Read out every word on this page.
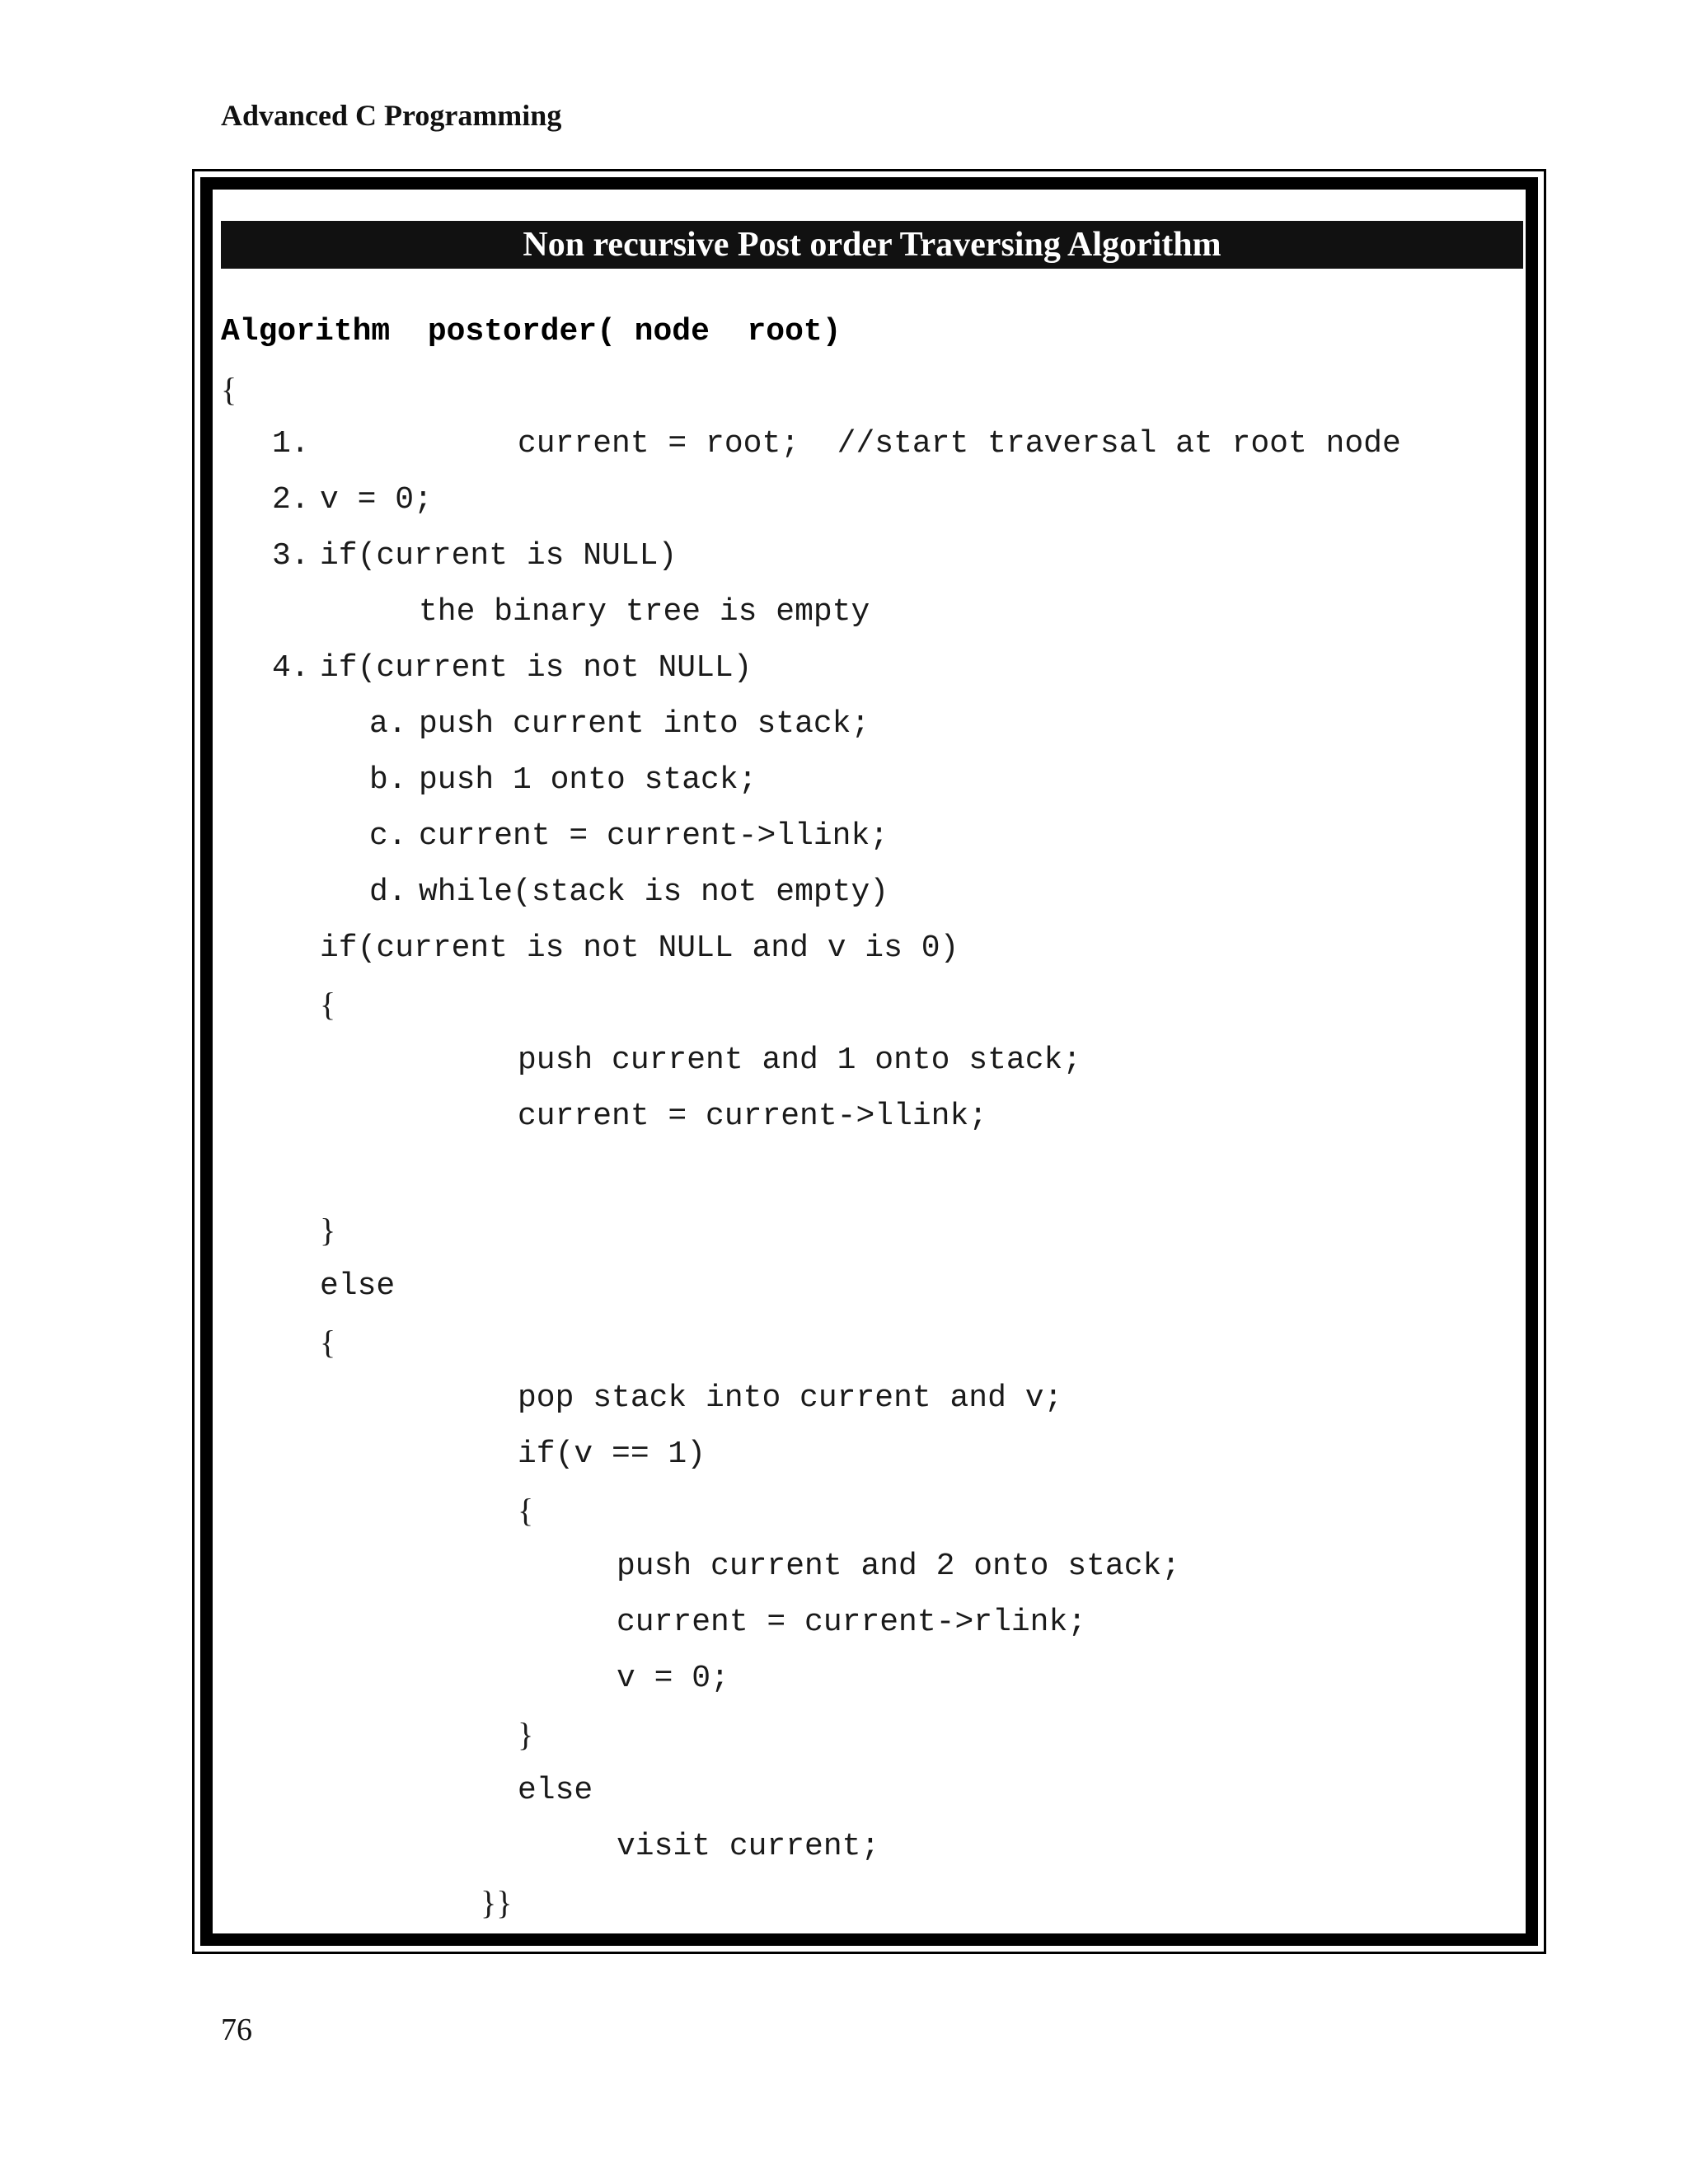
Advanced C Programming
Non recursive Post order Traversing Algorithm
Algorithm  postorder( node  root)
{
1.	current = root;  //start traversal at root node
2. v = 0;
3. if(current is NULL)
the binary tree is empty
4. if(current is not NULL)
a. push current into stack;
b. push 1 onto stack;
c. current = current->llink;
d. while(stack is not empty)
if(current is not NULL and v is 0)
{
push current and 1 onto stack;
current = current->llink;
}
else
{
pop stack into current and v;
if(v == 1)
{
push current and 2 onto stack;
current = current->rlink;
v = 0;
}
else
visit current;
}}
76
